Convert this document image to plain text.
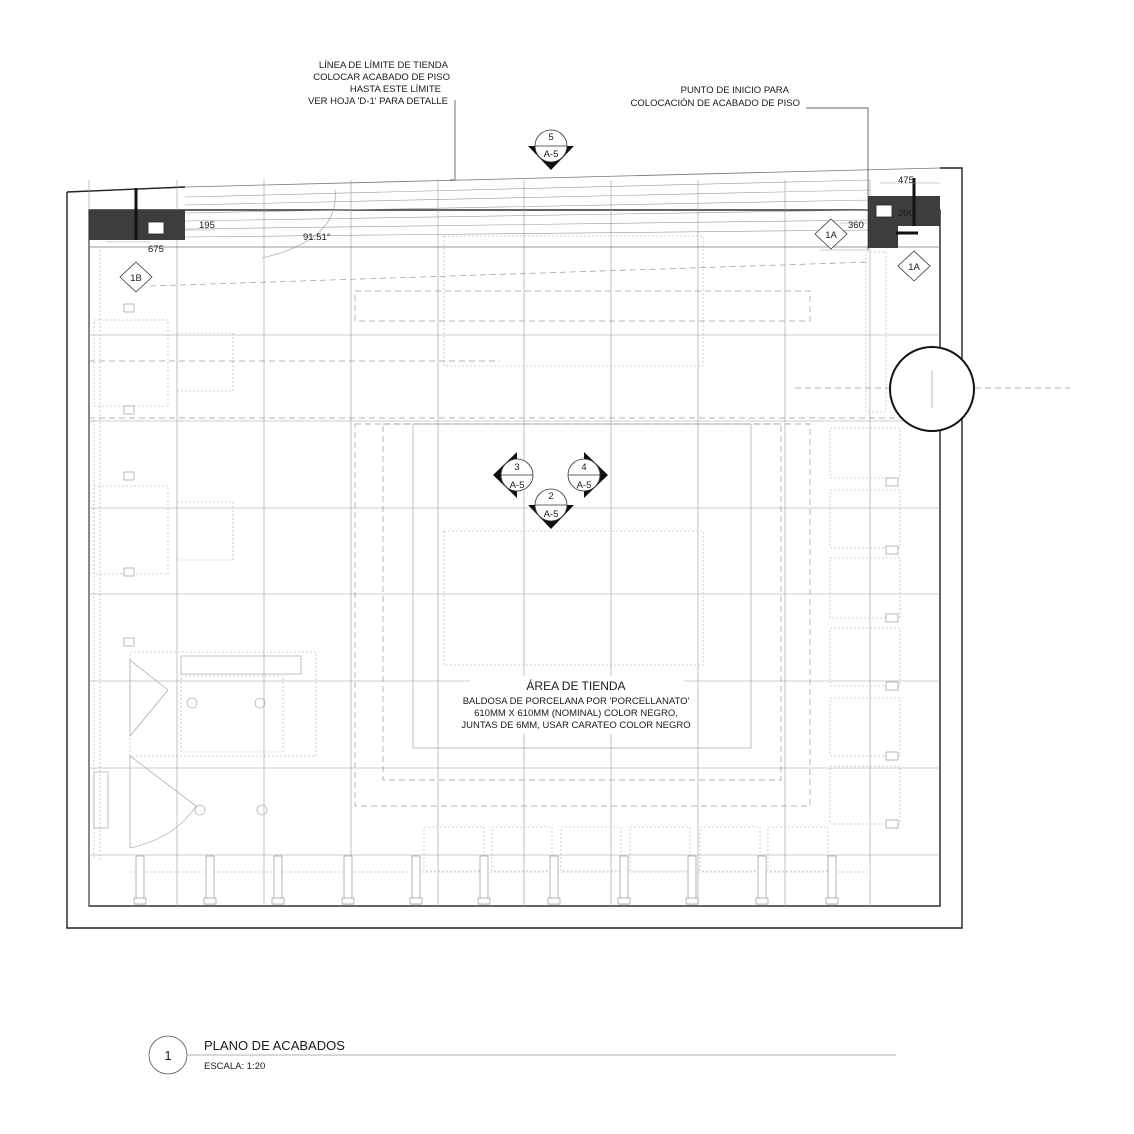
475
200
360
195
675
91.51°
LÍNEA DE LÍMITE DE TIENDA
COLOCAR ACABADO DE PISO
HASTA ESTE LÍMITE
VER HOJA 'D-1' PARA DETALLE
PUNTO DE INICIO PARA
COLOCACIÓN DE ACABADO DE PISO
1B
1A
1A
5
A-5
3
A-5
4
A-5
2
A-5
ÁREA DE TIENDA
BALDOSA DE PORCELANA POR 'PORCELLANATO'
610MM X 610MM (NOMINAL) COLOR NEGRO,
JUNTAS DE 6MM, USAR CARATEO COLOR NEGRO
1
PLANO DE ACABADOS
ESCALA: 1:20
